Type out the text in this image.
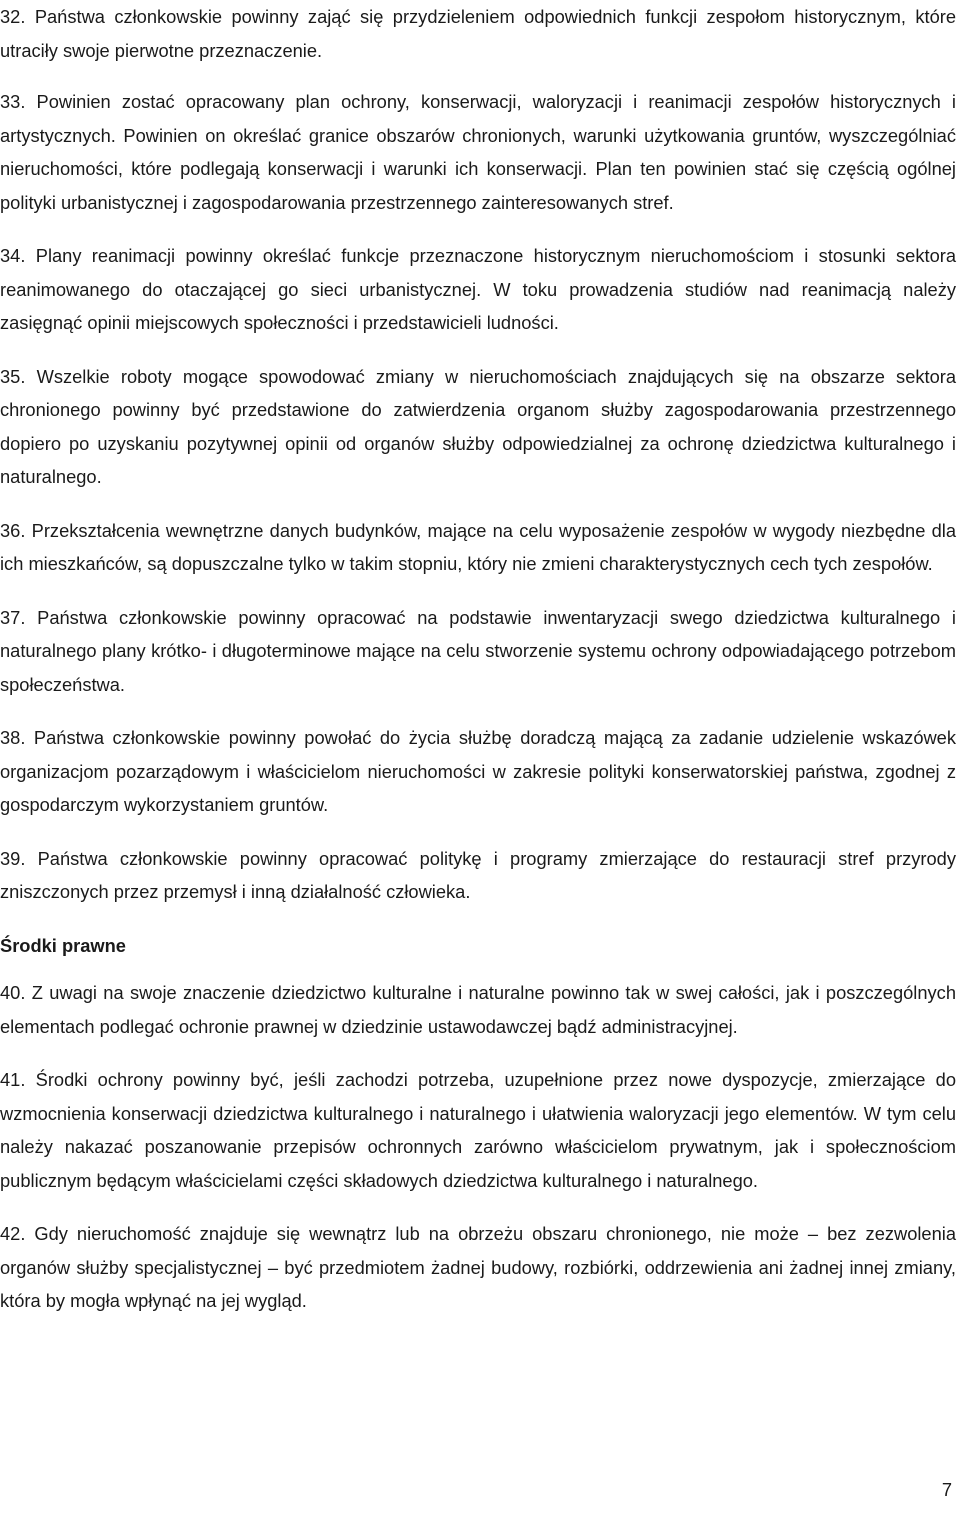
32. Państwa członkowskie powinny zająć się przydzieleniem odpowiednich funkcji zespołom historycznym, które utraciły swoje pierwotne przeznaczenie.

33. Powinien zostać opracowany plan ochrony, konserwacji, waloryzacji i reanimacji zespołów historycznych i artystycznych. Powinien on określać granice obszarów chronionych, warunki użytkowania gruntów, wyszczególniać nieruchomości, które podlegają konserwacji i warunki ich konserwacji. Plan ten powinien stać się częścią ogólnej polityki urbanistycznej i zagospodarowania przestrzennego zainteresowanych stref.

34. Plany reanimacji powinny określać funkcje przeznaczone historycznym nieruchomościom i stosunki sektora reanimowanego do otaczającej go sieci urbanistycznej. W toku prowadzenia studiów nad reanimacją należy zasięgnąć opinii miejscowych społeczności i przedstawicieli ludności.

35. Wszelkie roboty mogące spowodować zmiany w nieruchomościach znajdujących się na obszarze sektora chronionego powinny być przedstawione do zatwierdzenia organom służby zagospodarowania przestrzennego dopiero po uzyskaniu pozytywnej opinii od organów służby odpowiedzialnej za ochronę dziedzictwa kulturalnego i naturalnego.

36. Przekształcenia wewnętrzne danych budynków, mające na celu wyposażenie zespołów w wygody niezbędne dla ich mieszkańców, są dopuszczalne tylko w takim stopniu, który nie zmieni charakterystycznych cech tych zespołów.

37. Państwa członkowskie powinny opracować na podstawie inwentaryzacji swego dziedzictwa kulturalnego i naturalnego plany krótko- i długoterminowe mające na celu stworzenie systemu ochrony odpowiadającego potrzebom społeczeństwa.

38. Państwa członkowskie powinny powołać do życia służbę doradczą mającą za zadanie udzielenie wskazówek organizacjom pozarządowym i właścicielom nieruchomości w zakresie polityki konserwatorskiej państwa, zgodnej z gospodarczym wykorzystaniem gruntów.

39. Państwa członkowskie powinny opracować politykę i programy zmierzające do restauracji stref przyrody zniszczonych przez przemysł i inną działalność człowieka.

Środki prawne

40. Z uwagi na swoje znaczenie dziedzictwo kulturalne i naturalne powinno tak w swej całości, jak i poszczególnych elementach podlegać ochronie prawnej w dziedzinie ustawodawczej bądź administracyjnej.

41. Środki ochrony powinny być, jeśli zachodzi potrzeba, uzupełnione przez nowe dyspozycje, zmierzające do wzmocnienia konserwacji dziedzictwa kulturalnego i naturalnego i ułatwienia waloryzacji jego elementów. W tym celu należy nakazać poszanowanie przepisów ochronnych zarówno właścicielom prywatnym, jak i społecznościom publicznym będącym właścicielami części składowych dziedzictwa kulturalnego i naturalnego.

42. Gdy nieruchomość znajduje się wewnątrz lub na obrzeżu obszaru chronionego, nie może – bez zezwolenia organów służby specjalistycznej – być przedmiotem żadnej budowy, rozbiórki, oddrzewienia ani żadnej innej zmiany, która by mogła wpłynąć na jej wygląd.

7
